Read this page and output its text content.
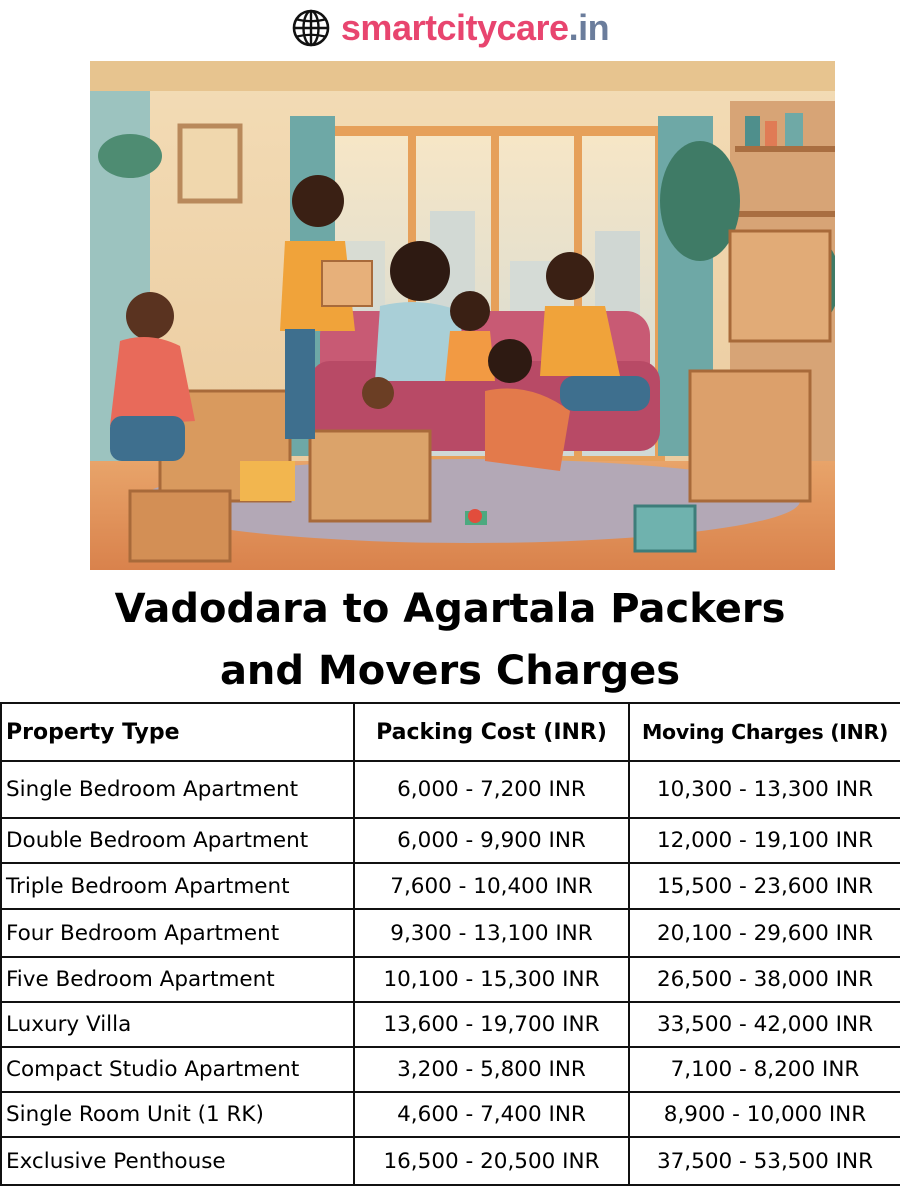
smartcitycare.in
Vadodara to Agartala Packers
and Movers Charges
Property Type	Packing Cost (INR)	Moving Charges (INR)
Single Bedroom Apartment	6,000 - 7,200 INR	10,300 - 13,300 INR
Double Bedroom Apartment	6,000 - 9,900 INR	12,000 - 19,100 INR
Triple Bedroom Apartment	7,600 - 10,400 INR	15,500 - 23,600 INR
Four Bedroom Apartment	9,300 - 13,100 INR	20,100 - 29,600 INR
Five Bedroom Apartment	10,100 - 15,300 INR	26,500 - 38,000 INR
Luxury Villa	13,600 - 19,700 INR	33,500 - 42,000 INR
Compact Studio Apartment	3,200 - 5,800 INR	7,100 - 8,200 INR
Single Room Unit (1 RK)	4,600 - 7,400 INR	8,900 - 10,000 INR
Exclusive Penthouse	16,500 - 20,500 INR	37,500 - 53,500 INR
